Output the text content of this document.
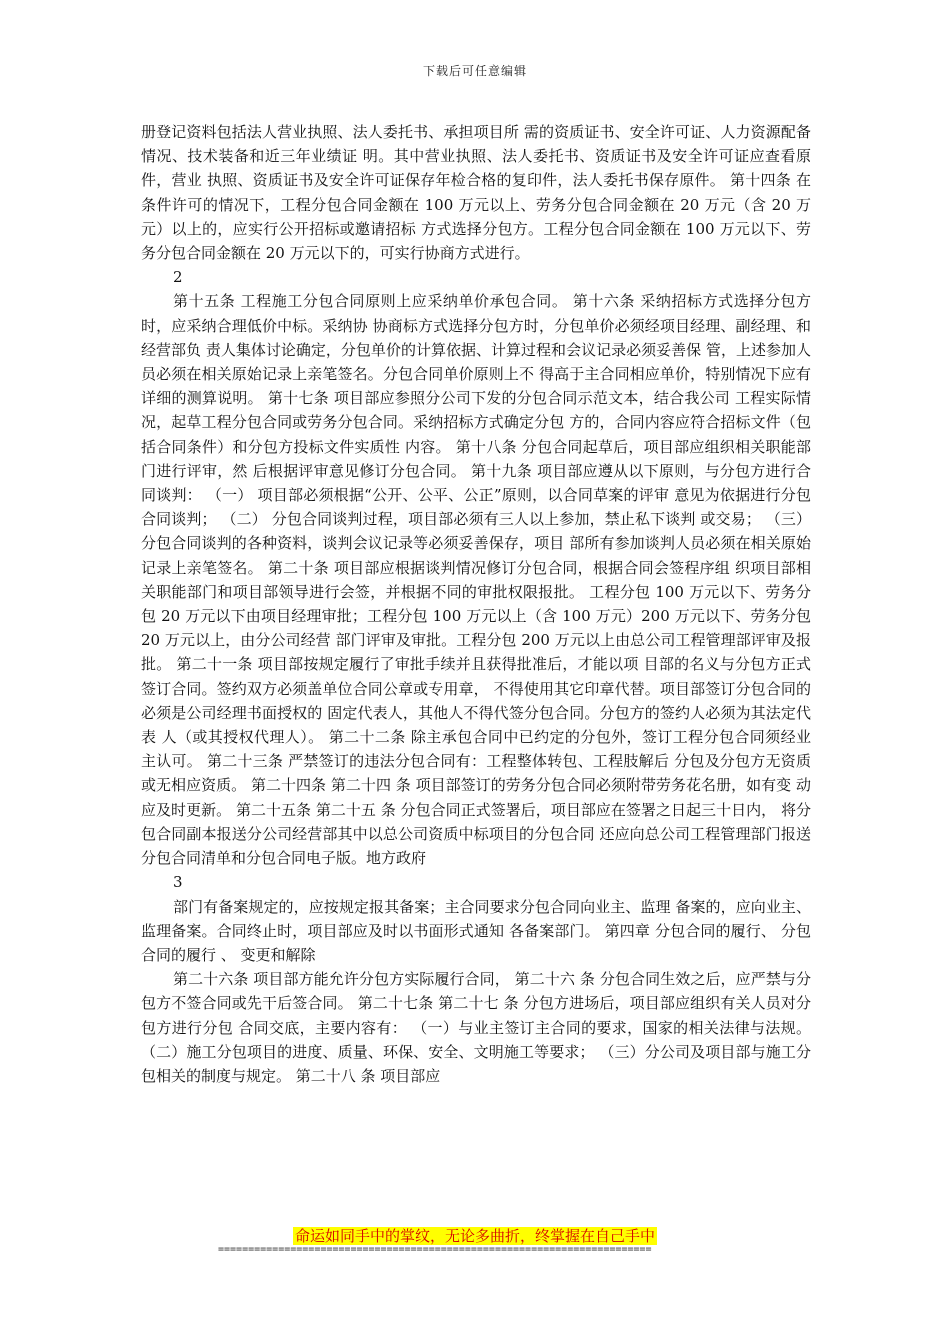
下载后可任意编辑

册登记资料包括法人营业执照、法人委托书、承担项目所 需的资质证书、安全许可证、人力资源配备情况、技术装备和近三年业绩证 明。其中营业执照、法人委托书、资质证书及安全许可证应查看原件，营业 执照、资质证书及安全许可证保存年检合格的复印件，法人委托书保存原件。 第十四条 在条件许可的情况下，工程分包合同金额在 100 万元以上、劳务分包合同金额在 20 万元（含 20 万元）以上的，应实行公开招标或邀请招标 方式选择分包方。工程分包合同金额在 100 万元以下、劳务分包合同金额在 20 万元以下的，可实行协商方式进行。

2

第十五条 工程施工分包合同原则上应采纳单价承包合同。 第十六条 采纳招标方式选择分包方时，应采纳合理低价中标。采纳协 协商标方式选择分包方时，分包单价必须经项目经理、副经理、和经营部负 责人集体讨论确定，分包单价的计算依据、计算过程和会议记录必须妥善保 管，上述参加人员必须在相关原始记录上亲笔签名。分包合同单价原则上不 得高于主合同相应单价，特别情况下应有详细的测算说明。 第十七条 项目部应参照分公司下发的分包合同示范文本，结合我公司 工程实际情况，起草工程分包合同或劳务分包合同。采纳招标方式确定分包 方的，合同内容应符合招标文件（包括合同条件）和分包方投标文件实质性 内容。 第十八条 分包合同起草后，项目部应组织相关职能部门进行评审，然 后根据评审意见修订分包合同。 第十九条 项目部应遵从以下原则，与分包方进行合同谈判： （一） 项目部必须根据“公开、公平、公正”原则，以合同草案的评审 意见为依据进行分包合同谈判； （二） 分包合同谈判过程，项目部必须有三人以上参加，禁止私下谈判 或交易； （三） 分包合同谈判的各种资料，谈判会议记录等必须妥善保存，项目 部所有参加谈判人员必须在相关原始记录上亲笔签名。 第二十条 项目部应根据谈判情况修订分包合同，根据合同会签程序组 织项目部相关职能部门和项目部领导进行会签，并根据不同的审批权限报批。 工程分包 100 万元以下、劳务分包 20 万元以下由项目经理审批；工程分包 100 万元以上（含 100 万元）200 万元以下、劳务分包 20 万元以上，由分公司经营 部门评审及审批。工程分包 200 万元以上由总公司工程管理部评审及报批。 第二十一条 项目部按规定履行了审批手续并且获得批准后，才能以项 目部的名义与分包方正式签订合同。签约双方必须盖单位合同公章或专用章， 不得使用其它印章代替。项目部签订分包合同的必须是公司经理书面授权的 固定代表人，其他人不得代签分包合同。分包方的签约人必须为其法定代表 人（或其授权代理人）。 第二十二条 除主承包合同中已约定的分包外，签订工程分包合同须经业 主认可。 第二十三条 严禁签订的违法分包合同有：工程整体转包、工程肢解后 分包及分包方无资质或无相应资质。 第二十四条 第二十四 条 项目部签订的劳务分包合同必须附带劳务花名册，如有变 动应及时更新。 第二十五条 第二十五 条 分包合同正式签署后，项目部应在签署之日起三十日内， 将分包合同副本报送分公司经营部其中以总公司资质中标项目的分包合同 还应向总公司工程管理部门报送分包合同清单和分包合同电子版。地方政府

3

部门有备案规定的，应按规定报其备案；主合同要求分包合同向业主、监理 备案的，应向业主、监理备案。合同终止时，项目部应及时以书面形式通知 各备案部门。 第四章 分包合同的履行、 分包合同的履行 、 变更和解除

第二十六条 项目部方能允许分包方实际履行合同， 第二十六 条 分包合同生效之后，应严禁与分包方不签合同或先干后签合同。 第二十七条 第二十七 条 分包方进场后，项目部应组织有关人员对分包方进行分包 合同交底，主要内容有： （一）与业主签订主合同的要求，国家的相关法律与法规。 （二）施工分包项目的进度、质量、环保、安全、文明施工等要求； （三）分公司及项目部与施工分包相关的制度与规定。 第二十八 条 项目部应

命运如同手中的掌纹，无论多曲折，终掌握在自己手中
========================================================================
